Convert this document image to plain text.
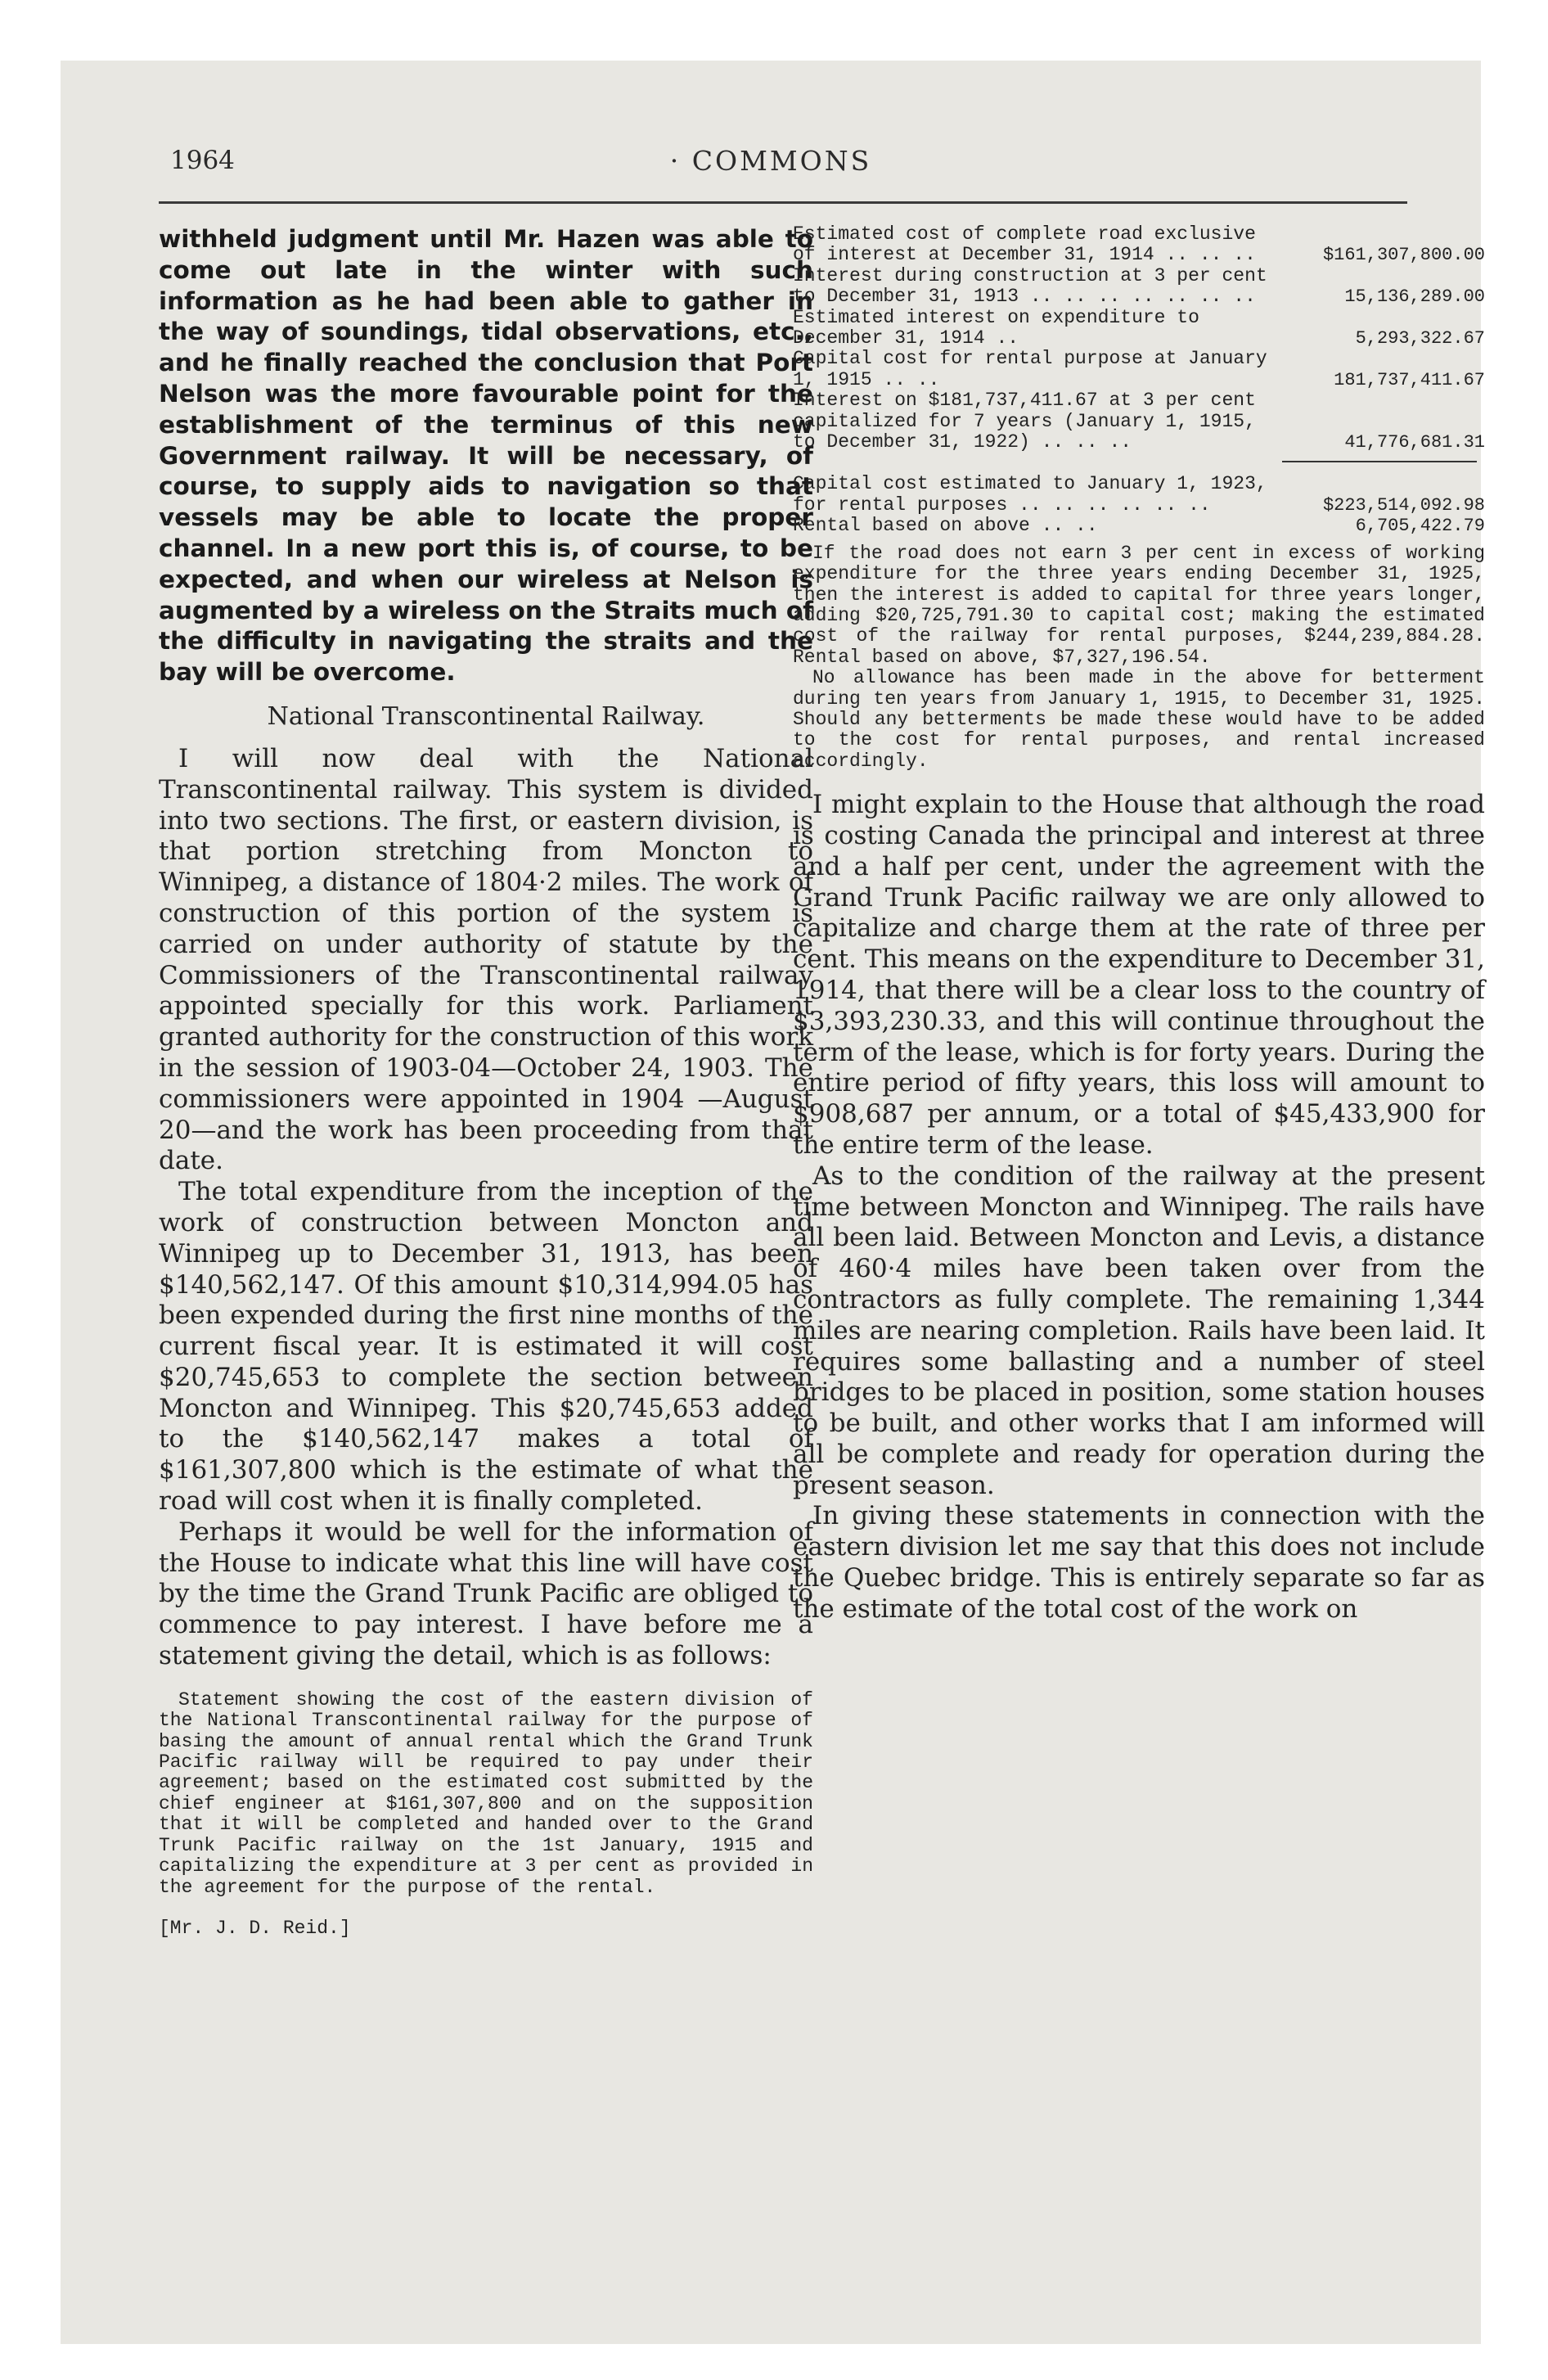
1964	· COMMONS

withheld judgment until Mr. Hazen was able to come out late in the winter with such information as he had been able to gather in the way of soundings, tidal observations, etc., and he finally reached the conclusion that Port Nelson was the more favourable point for the establishment of the terminus of this new Government railway. It will be necessary, of course, to supply aids to navigation so that vessels may be able to locate the proper channel. In a new port this is, of course, to be expected, and when our wireless at Nelson is augmented by a wireless on the Straits much of the difficulty in navigating the straits and the bay will be overcome.

National Transcontinental Railway.

I will now deal with the National Transcontinental railway. This system is divided into two sections. The first, or eastern division, is that portion stretching from Moncton to Winnipeg, a distance of 1804·2 miles. The work of construction of this portion of the system is carried on under authority of statute by the Commissioners of the Transcontinental railway appointed specially for this work. Parliament granted authority for the construction of this work in the session of 1903-04—October 24, 1903. The commissioners were appointed in 1904 —August 20—and the work has been proceeding from that date.

The total expenditure from the inception of the work of construction between Moncton and Winnipeg up to December 31, 1913, has been $140,562,147. Of this amount $10,314,994.05 has been expended during the first nine months of the current fiscal year. It is estimated it will cost $20,745,653 to complete the section between Moncton and Winnipeg. This $20,745,653 added to the $140,562,147 makes a total of $161,307,800 which is the estimate of what the road will cost when it is finally completed.

Perhaps it would be well for the information of the House to indicate what this line will have cost by the time the Grand Trunk Pacific are obliged to commence to pay interest. I have before me a statement giving the detail, which is as follows:

Statement showing the cost of the eastern division of the National Transcontinental railway for the purpose of basing the amount of annual rental which the Grand Trunk Pacific railway will be required to pay under their agreement; based on the estimated cost submitted by the chief engineer at $161,307,800 and on the supposition that it will be completed and handed over to the Grand Trunk Pacific railway on the 1st January, 1915 and capitalizing the expenditure at 3 per cent as provided in the agreement for the purpose of the rental.

[Mr. J. D. Reid.]
Estimated cost of complete road exclusive of interest at December 31, 1914 .. .. ..	$161,307,800.00
Interest during construction at 3 per cent to December 31, 1913 .. .. .. .. .. .. ..	15,136,289.00
Estimated interest on expenditure to December 31, 1914 ..	5,293,322.67
Capital cost for rental purpose at January 1, 1915 .. ..	181,737,411.67
Interest on $181,737,411.67 at 3 per cent capitalized for 7 years (January 1, 1915, to December 31, 1922) .. .. ..	41,776,681.31
Capital cost estimated to January 1, 1923, for rental purposes .. .. .. .. .. ..	$223,514,092.98
Rental based on above .. ..	6,705,422.79

If the road does not earn 3 per cent in excess of working expenditure for the three years ending December 31, 1925, then the interest is added to capital for three years longer, adding $20,725,791.30 to capital cost; making the estimated cost of the railway for rental purposes, $244,239,884.28. Rental based on above, $7,327,196.54.

No allowance has been made in the above for betterment during ten years from January 1, 1915, to December 31, 1925. Should any betterments be made these would have to be added to the cost for rental purposes, and rental increased accordingly.

I might explain to the House that although the road is costing Canada the principal and interest at three and a half per cent, under the agreement with the Grand Trunk Pacific railway we are only allowed to capitalize and charge them at the rate of three per cent. This means on the expenditure to December 31, 1914, that there will be a clear loss to the country of $3,393,230.33, and this will continue throughout the term of the lease, which is for forty years. During the entire period of fifty years, this loss will amount to $908,687 per annum, or a total of $45,433,900 for the entire term of the lease.

As to the condition of the railway at the present time between Moncton and Winnipeg. The rails have all been laid. Between Moncton and Levis, a distance of 460·4 miles have been taken over from the contractors as fully complete. The remaining 1,344 miles are nearing completion. Rails have been laid. It requires some ballasting and a number of steel bridges to be placed in position, some station houses to be built, and other works that I am informed will all be complete and ready for operation during the present season.

In giving these statements in connection with the eastern division let me say that this does not include the Quebec bridge. This is entirely separate so far as the estimate of the total cost of the work on
